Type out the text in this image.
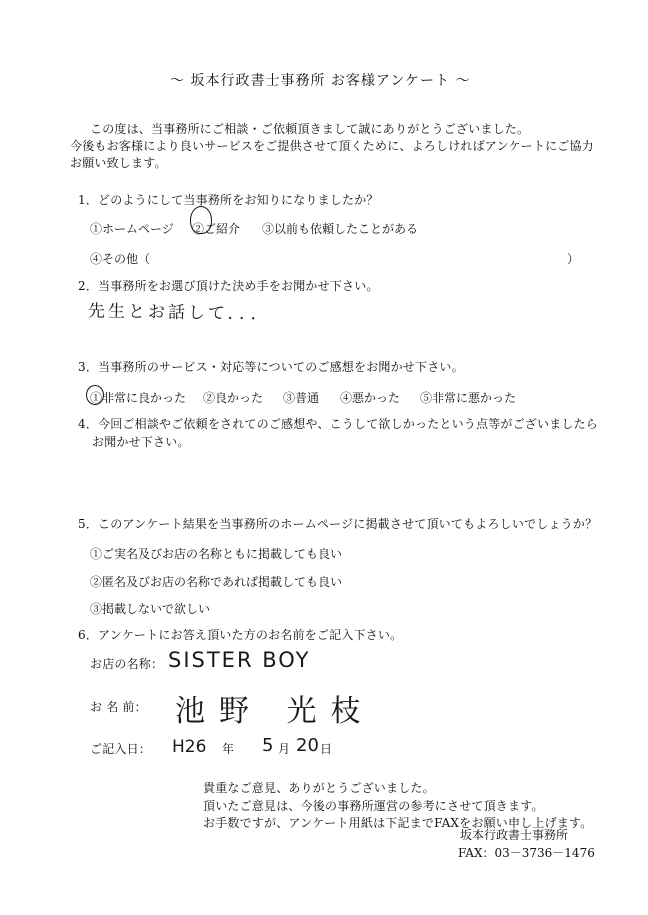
～ 坂本行政書士事務所 お客様アンケート ～
この度は、当事務所にご相談・ご依頼頂きまして誠にありがとうございました。
今後もお客様により良いサービスをご提供させて頂くために、よろしければアンケートにご協力
お願い致します。
1．どのようにして当事務所をお知りになりましたか？
①ホームページ ②ご紹介 ③以前も依頼したことがある
④その他（	）
2．当事務所をお選び頂けた決め手をお聞かせ下さい。
先生とお話して．．．
3．当事務所のサービス・対応等についてのご感想をお聞かせ下さい。
①非常に良かった ②良かった ③普通 ④悪かった ⑤非常に悪かった
4．今回ご相談やご依頼をされてのご感想や、こうして欲しかったという点等がございましたら
お聞かせ下さい。
5．このアンケート結果を当事務所のホームページに掲載させて頂いてもよろしいでしょうか？
①ご実名及びお店の名称ともに掲載しても良い
②匿名及びお店の名称であれば掲載しても良い
③掲載しないで欲しい
6．アンケートにお答え頂いた方のお名前をご記入下さい。
お店の名称： SISTER BOY
お 名 前： 池野 光枝
ご記入日： H26 年 5 月 20 日
貴重なご意見、ありがとうございました。
頂いたご意見は、今後の事務所運営の参考にさせて頂きます。
お手数ですが、アンケート用紙は下記までFAXをお願い申し上げます。
坂本行政書士事務所
FAX：03－3736－1476
